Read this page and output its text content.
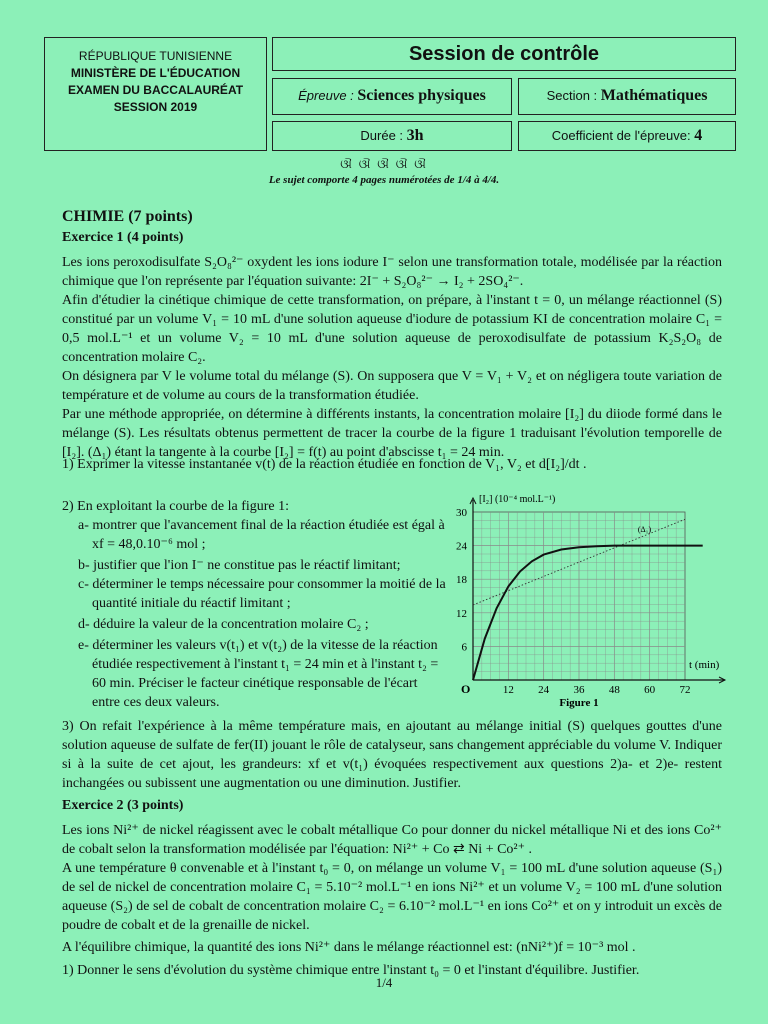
RÉPUBLIQUE TUNISIENNE
MINISTÈRE DE L'ÉDUCATION
EXAMEN DU BACCALAURÉAT
SESSION 2019
Session de contrôle
Épreuve : Sciences physiques	Section : Mathématiques
Durée : 3h	Coefficient de l'épreuve: 4
ଔ ଔ ଔ ଔ ଔ
Le sujet comporte 4 pages numérotées de 1/4 à 4/4.
CHIMIE (7 points)
Exercice 1 (4 points)

Les ions peroxodisulfate S₂O₈²⁻ oxydent les ions iodure I⁻ selon une transformation totale, modélisée par la réaction chimique que l'on représente par l'équation suivante: 2I⁻ + S₂O₈²⁻ → I₂ + 2SO₄²⁻.

Afin d'étudier la cinétique chimique de cette transformation, on prépare, à l'instant t = 0, un mélange réactionnel (S) constitué par un volume V₁ = 10 mL d'une solution aqueuse d'iodure de potassium KI de concentration molaire C₁ = 0,5 mol.L⁻¹ et un volume V₂ = 10 mL d'une solution aqueuse de peroxodisulfate de potassium K₂S₂O₈ de concentration molaire C₂.

On désignera par V le volume total du mélange (S). On supposera que V = V₁ + V₂ et on négligera toute variation de température et de volume au cours de la transformation étudiée.

Par une méthode appropriée, on détermine à différents instants, la concentration molaire [I₂] du diiode formé dans le mélange (S). Les résultats obtenus permettent de tracer la courbe de la figure 1 traduisant l'évolution temporelle de [I₂]. (Δ₁) étant la tangente à la courbe [I₂] = f(t) au point d'abscisse t₁ = 24 min.

1) Exprimer la vitesse instantanée v(t) de la réaction étudiée en fonction de V₁, V₂ et d[I₂]/dt .
2) En exploitant la courbe de la figure 1:
a- montrer que l'avancement final de la réaction étudiée est égal à xf = 48,0.10⁻⁶ mol ;
b- justifier que l'ion I⁻ ne constitue pas le réactif limitant;
c- déterminer le temps nécessaire pour consommer la moitié de la quantité initiale du réactif limitant ;
d- déduire la valeur de la concentration molaire C₂ ;
e- déterminer les valeurs v(t₁) et v(t₂) de la vitesse de la réaction étudiée respectivement à l'instant t₁ = 24 min et à l'instant t₂ = 60 min. Préciser le facteur cinétique responsable de l'écart entre ces deux valeurs.
12 24 36 48 60 72
6
12
18
24
30
O
[I₂] (10⁻⁴ mol.L⁻¹)
t (min)
(Δ₁)
Figure 1

3) On refait l'expérience à la même température mais, en ajoutant au mélange initial (S) quelques gouttes d'une solution aqueuse de sulfate de fer(II) jouant le rôle de catalyseur, sans changement appréciable du volume V. Indiquer si à la suite de cet ajout, les grandeurs: xf et v(t₁) évoquées respectivement aux questions 2)a- et 2)e- restent inchangées ou subissent une augmentation ou une diminution. Justifier.

Exercice 2 (3 points)

Les ions Ni²⁺ de nickel réagissent avec le cobalt métallique Co pour donner du nickel métallique Ni et des ions Co²⁺ de cobalt selon la transformation modélisée par l'équation: Ni²⁺ + Co ⇄ Ni + Co²⁺ .

A une température θ convenable et à l'instant t₀ = 0, on mélange un volume V₁ = 100 mL d'une solution aqueuse (S₁) de sel de nickel de concentration molaire C₁ = 5.10⁻² mol.L⁻¹ en ions Ni²⁺ et un volume V₂ = 100 mL d'une solution aqueuse (S₂) de sel de cobalt de concentration molaire C₂ = 6.10⁻² mol.L⁻¹ en ions Co²⁺ et on y introduit un excès de poudre de cobalt et de la grenaille de nickel.

A l'équilibre chimique, la quantité des ions Ni²⁺ dans le mélange réactionnel est: (nNi²⁺)f = 10⁻³ mol .

1) Donner le sens d'évolution du système chimique entre l'instant t₀ = 0 et l'instant d'équilibre. Justifier.

1/4
